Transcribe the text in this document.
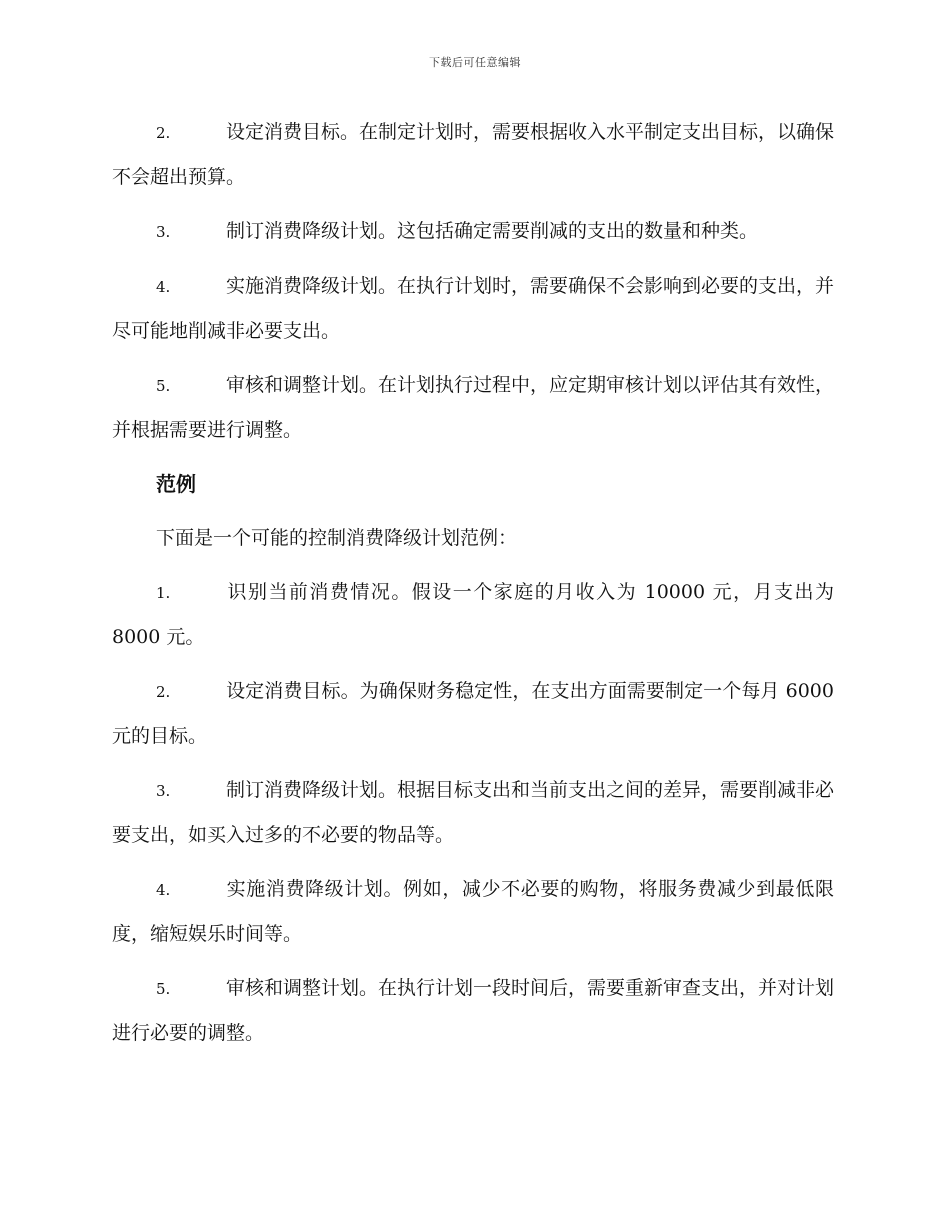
下载后可任意编辑

2.	设定消费目标。在制定计划时，需要根据收入水平制定支出目标，以确保不会超出预算。

3.	制订消费降级计划。这包括确定需要削减的支出的数量和种类。

4.	实施消费降级计划。在执行计划时，需要确保不会影响到必要的支出，并尽可能地削减非必要支出。

5.	审核和调整计划。在计划执行过程中，应定期审核计划以评估其有效性，并根据需要进行调整。

范例

下面是一个可能的控制消费降级计划范例：

1.	识别当前消费情况。假设一个家庭的月收入为 10000 元，月支出为 8000 元。

2.	设定消费目标。为确保财务稳定性，在支出方面需要制定一个每月 6000 元的目标。

3.	制订消费降级计划。根据目标支出和当前支出之间的差异，需要削减非必要支出，如买入过多的不必要的物品等。

4.	实施消费降级计划。例如，减少不必要的购物，将服务费减少到最低限度，缩短娱乐时间等。

5.	审核和调整计划。在执行计划一段时间后，需要重新审查支出，并对计划进行必要的调整。
